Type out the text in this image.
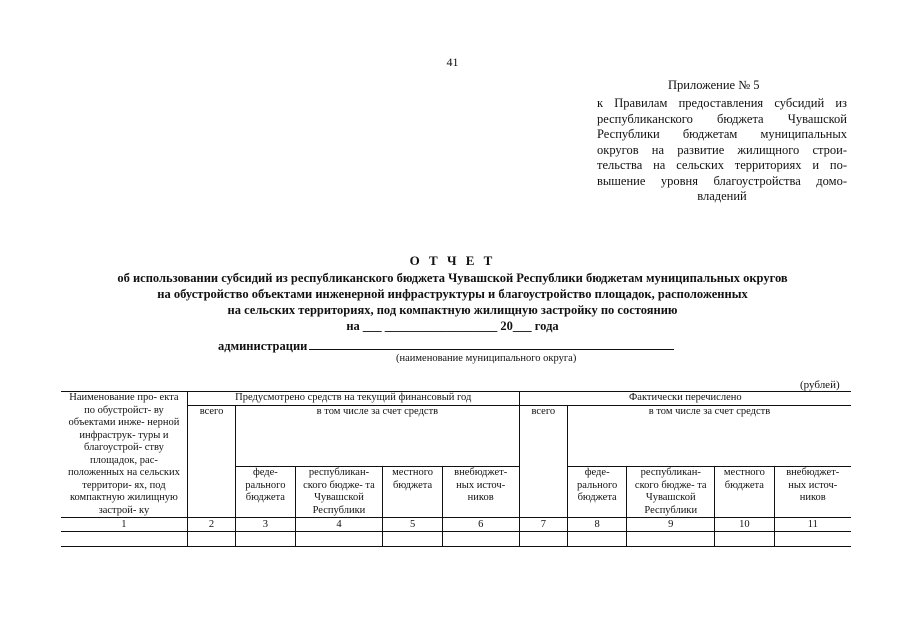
41
Приложение № 5
к Правилам предоставления субсидий из
республиканского бюджета Чувашской
Республики бюджетам муниципальных
округов на развитие жилищного строи-
тельства на сельских территориях и по-
вышение уровня благоустройства домо-
владений
О Т Ч Е Т
об использовании субсидий из республиканского бюджета Чувашской Республики бюджетам муниципальных округов
на обустройство объектами инженерной инфраструктуры и благоустройство площадок, расположенных
на сельских территориях, под компактную жилищную застройку по состоянию
на ___ __________________ 20___ года
администрации
(наименование муниципального округа)
(рублей)
Наименование про- екта по обустройст- ву объектами инже- нерной инфраструк- туры и благоустрой- ству площадок, рас- положенных на сельских территори- ях, под компактную жилищную застрой- ку	Предусмотрено средств на текущий финансовый год					Фактически перечислено				
	всего	в том числе за счет средств				всего	в том числе за счет средств			
		феде- рального бюджета	республикан- ского бюдже- та Чувашской Республики	местного бюджета	внебюджет- ных источ- ников		феде- рального бюджета	республикан- ского бюдже- та Чувашской Республики	местного бюджета	внебюджет- ных источ- ников
1	2	3	4	5	6	7	8	9	10	11
